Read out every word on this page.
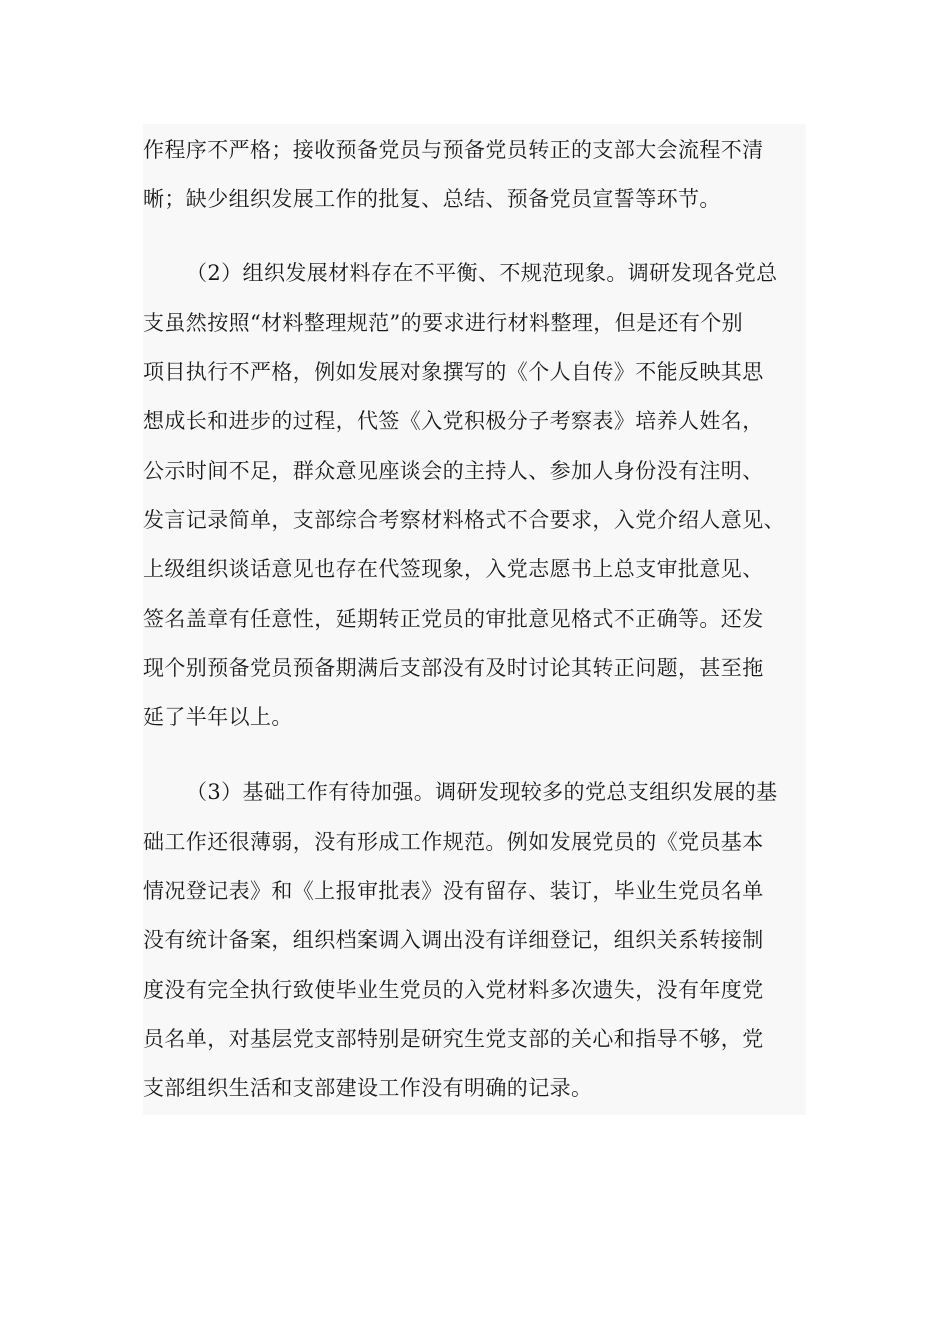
作程序不严格；接收预备党员与预备党员转正的支部大会流程不清
晰；缺少组织发展工作的批复、总结、预备党员宣誓等环节。
（2）组织发展材料存在不平衡、不规范现象。调研发现各党总
支虽然按照“材料整理规范”的要求进行材料整理，但是还有个别
项目执行不严格，例如发展对象撰写的《个人自传》不能反映其思
想成长和进步的过程，代签《入党积极分子考察表》培养人姓名，
公示时间不足，群众意见座谈会的主持人、参加人身份没有注明、
发言记录简单，支部综合考察材料格式不合要求，入党介绍人意见、
上级组织谈话意见也存在代签现象，入党志愿书上总支审批意见、
签名盖章有任意性，延期转正党员的审批意见格式不正确等。还发
现个别预备党员预备期满后支部没有及时讨论其转正问题，甚至拖
延了半年以上。
（3）基础工作有待加强。调研发现较多的党总支组织发展的基
础工作还很薄弱，没有形成工作规范。例如发展党员的《党员基本
情况登记表》和《上报审批表》没有留存、装订，毕业生党员名单
没有统计备案，组织档案调入调出没有详细登记，组织关系转接制
度没有完全执行致使毕业生党员的入党材料多次遗失，没有年度党
员名单，对基层党支部特别是研究生党支部的关心和指导不够，党
支部组织生活和支部建设工作没有明确的记录。
